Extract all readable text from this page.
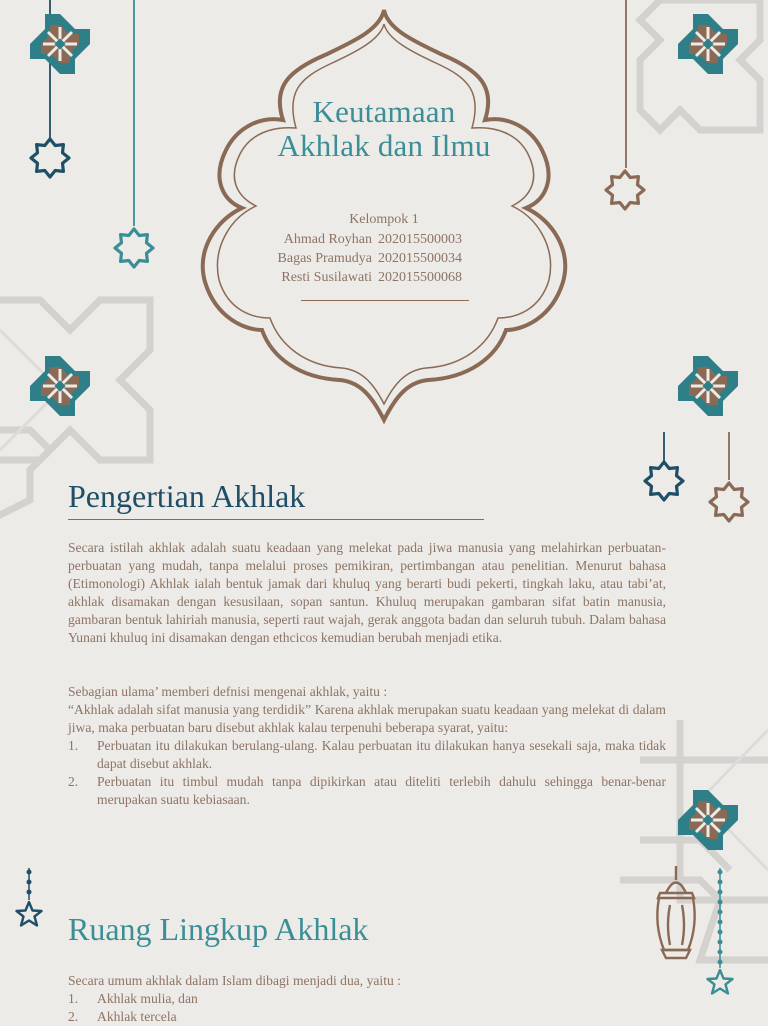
Keutamaan
Akhlak dan Ilmu
Kelompok 1
Ahmad Royhan 202015500003
Bagas Pramudya 202015500034
Resti Susilawati 202015500068
Pengertian Akhlak
Secara istilah akhlak adalah suatu keadaan yang melekat pada jiwa manusia yang melahirkan perbuatan-perbuatan yang mudah, tanpa melalui proses pemikiran, pertimbangan atau penelitian. Menurut bahasa (Etimonologi) Akhlak ialah bentuk jamak dari khuluq yang berarti budi pekerti, tingkah laku, atau tabi’at, akhlak disamakan dengan kesusilaan, sopan santun. Khuluq merupakan gambaran sifat batin manusia, gambaran bentuk lahiriah manusia, seperti raut wajah, gerak anggota badan dan seluruh tubuh. Dalam bahasa Yunani khuluq ini disamakan dengan ethcicos kemudian berubah menjadi etika.
Sebagian ulama’ memberi defnisi mengenai akhlak, yaitu :
“Akhlak adalah sifat manusia yang terdidik” Karena akhlak merupakan suatu keadaan yang melekat di dalam jiwa, maka perbuatan baru disebut akhlak kalau terpenuhi beberapa syarat, yaitu:
1.	Perbuatan itu dilakukan berulang-ulang. Kalau perbuatan itu dilakukan hanya sesekali saja, maka tidak dapat disebut akhlak.
2.	Perbuatan itu timbul mudah tanpa dipikirkan atau diteliti terlebih dahulu sehingga benar-benar merupakan suatu kebiasaan.
Ruang Lingkup Akhlak
Secara umum akhlak dalam Islam dibagi menjadi dua, yaitu :
1.	Akhlak mulia, dan
2.	Akhlak tercela
